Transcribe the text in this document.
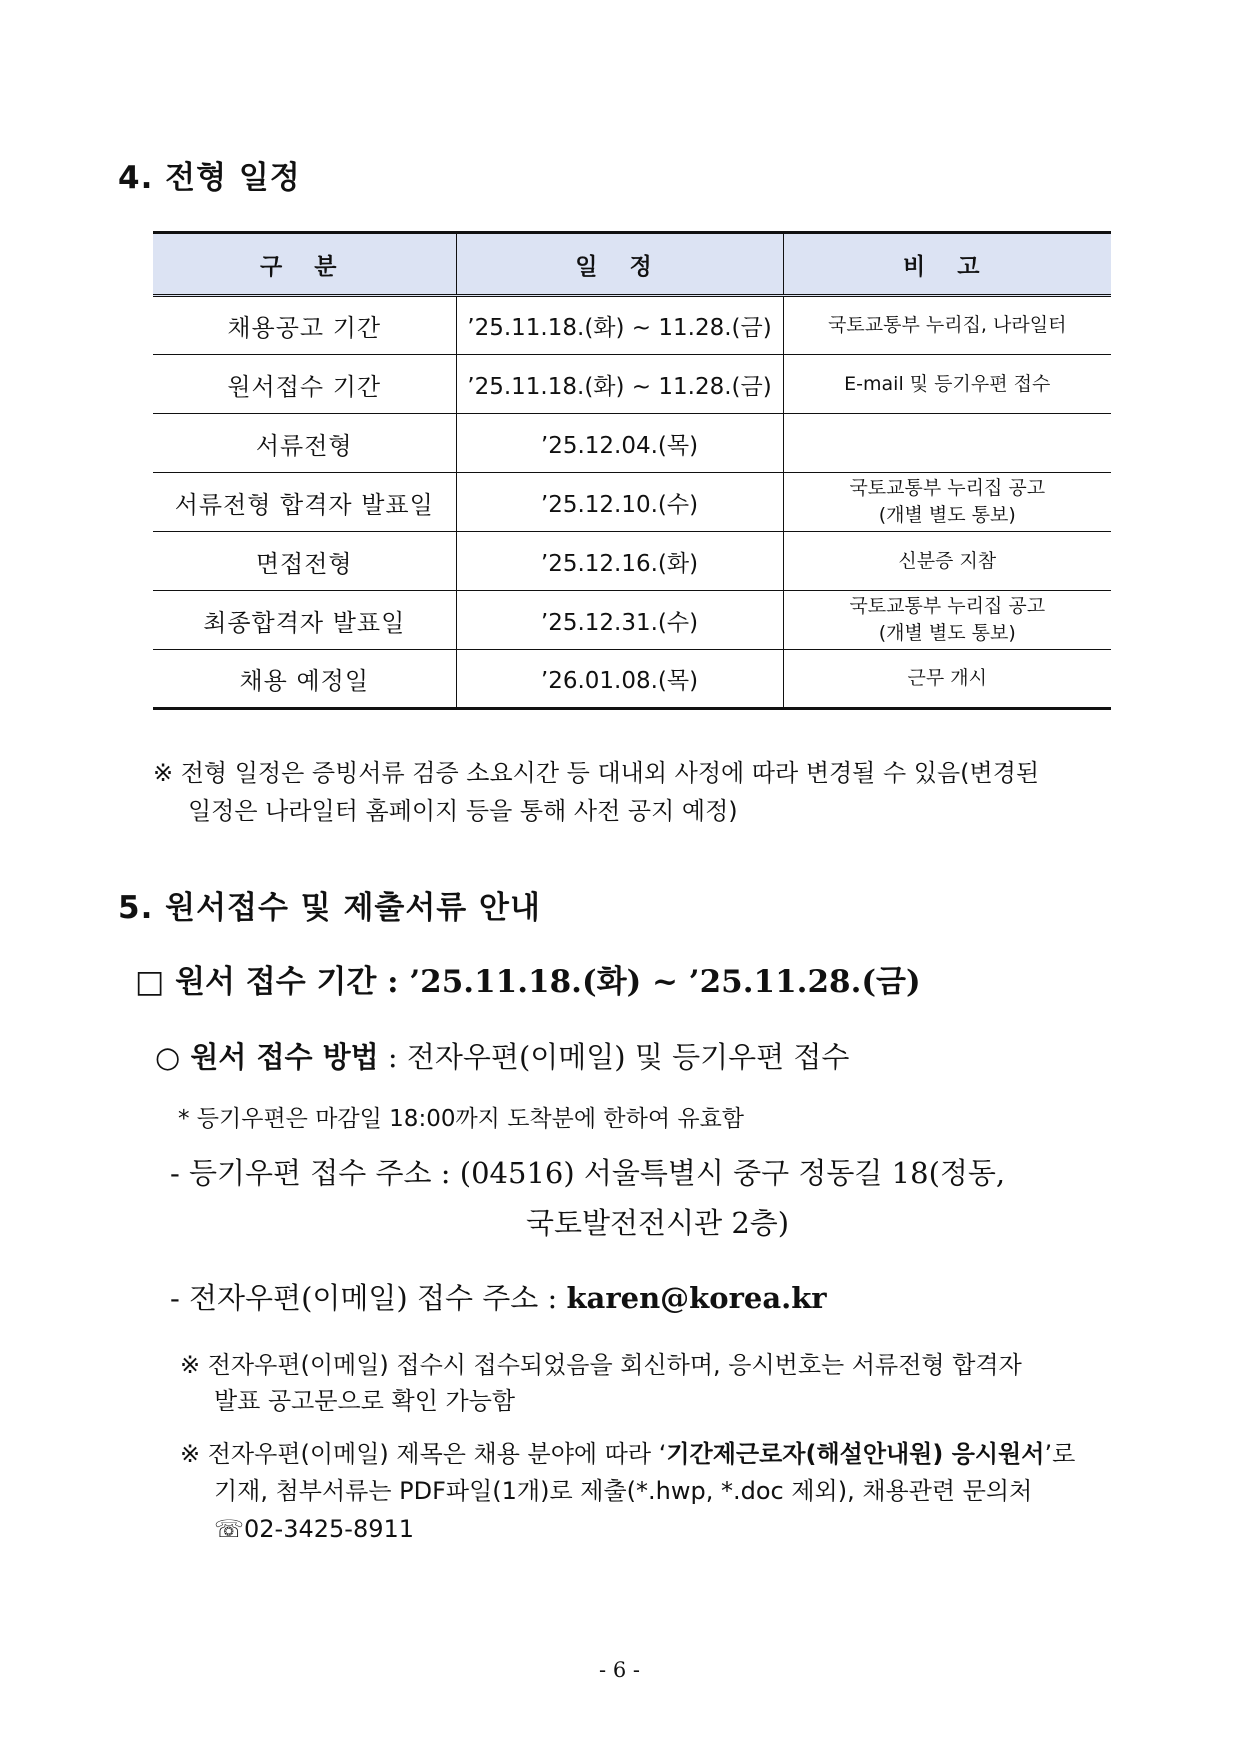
4. 전형 일정
구 분	일 정	비 고
채용공고 기간	’25.11.18.(화) ~ 11.28.(금)	국토교통부 누리집, 나라일터
원서접수 기간	’25.11.18.(화) ~ 11.28.(금)	E-mail 및 등기우편 접수
서류전형	’25.12.04.(목)	
서류전형 합격자 발표일	’25.12.10.(수)	국토교통부 누리집 공고
(개별 별도 통보)
면접전형	’25.12.16.(화)	신분증 지참
최종합격자 발표일	’25.12.31.(수)	국토교통부 누리집 공고
(개별 별도 통보)
채용 예정일	’26.01.08.(목)	근무 개시
※ 전형 일정은 증빙서류 검증 소요시간 등 대내외 사정에 따라 변경될 수 있음(변경된
일정은 나라일터 홈페이지 등을 통해 사전 공지 예정)
5. 원서접수 및 제출서류 안내
□ 원서 접수 기간 : ’25.11.18.(화) ~ ’25.11.28.(금)
○ 원서 접수 방법 : 전자우편(이메일) 및 등기우편 접수
* 등기우편은 마감일 18:00까지 도착분에 한하여 유효함
- 등기우편 접수 주소 : (04516) 서울특별시 중구 정동길 18(정동,
국토발전전시관 2층)
- 전자우편(이메일) 접수 주소 : karen@korea.kr
※ 전자우편(이메일) 접수시 접수되었음을 회신하며, 응시번호는 서류전형 합격자
발표 공고문으로 확인 가능함
※ 전자우편(이메일) 제목은 채용 분야에 따라 ‘기간제근로자(해설안내원) 응시원서’로
기재, 첨부서류는 PDF파일(1개)로 제출(*.hwp, *.doc 제외), 채용관련 문의처
☏02-3425-8911
- 6 -
